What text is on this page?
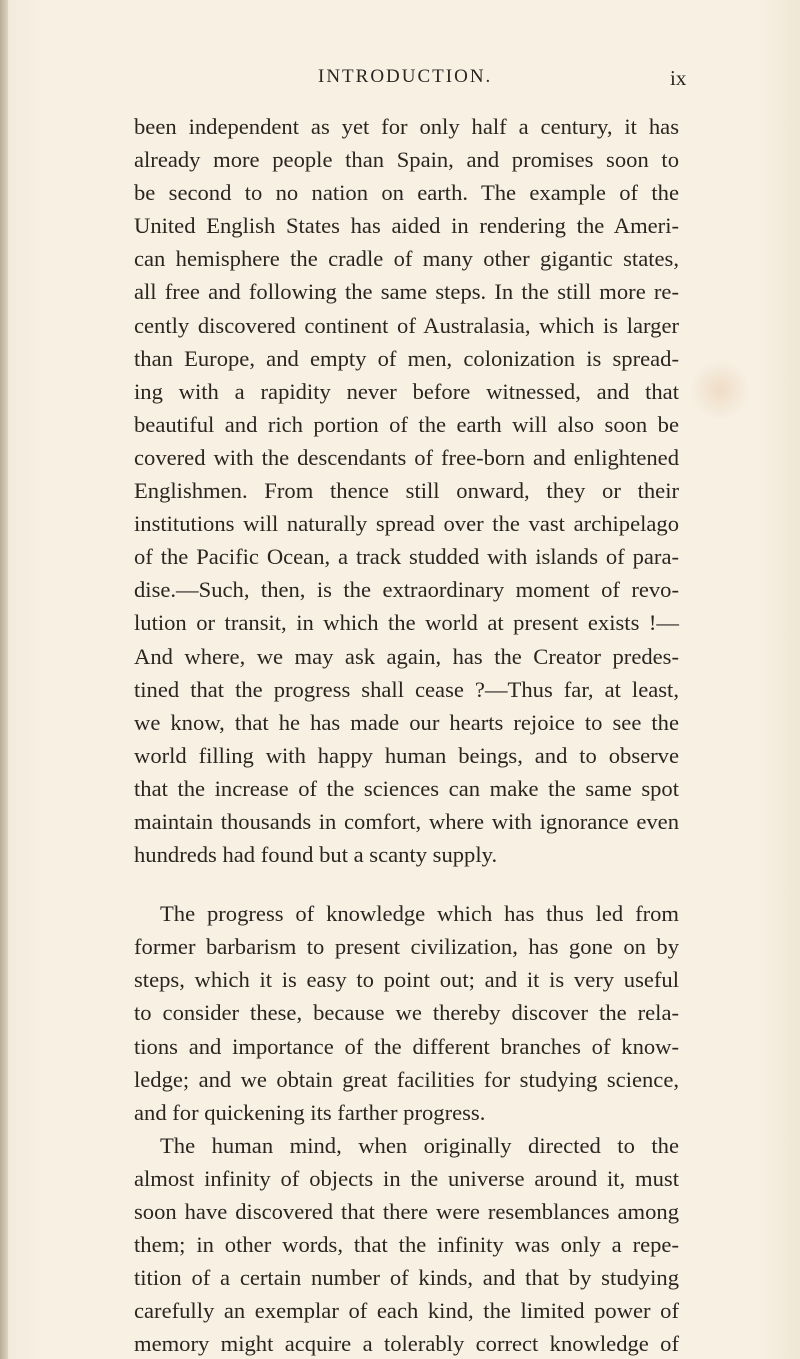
INTRODUCTION.	ix
been independent as yet for only half a century, it has
already more people than Spain, and promises soon to
be second to no nation on earth. The example of the
United English States has aided in rendering the Ameri-
can hemisphere the cradle of many other gigantic states,
all free and following the same steps. In the still more re-
cently discovered continent of Australasia, which is larger
than Europe, and empty of men, colonization is spread-
ing with a rapidity never before witnessed, and that
beautiful and rich portion of the earth will also soon be
covered with the descendants of free-born and enlightened
Englishmen. From thence still onward, they or their
institutions will naturally spread over the vast archipelago
of the Pacific Ocean, a track studded with islands of para-
dise.—Such, then, is the extraordinary moment of revo-
lution or transit, in which the world at present exists !—
And where, we may ask again, has the Creator predes-
tined that the progress shall cease ?—Thus far, at least,
we know, that he has made our hearts rejoice to see the
world filling with happy human beings, and to observe
that the increase of the sciences can make the same spot
maintain thousands in comfort, where with ignorance even
hundreds had found but a scanty supply.
The progress of knowledge which has thus led from
former barbarism to present civilization, has gone on by
steps, which it is easy to point out; and it is very useful
to consider these, because we thereby discover the rela-
tions and importance of the different branches of know-
ledge; and we obtain great facilities for studying science,
and for quickening its farther progress.
The human mind, when originally directed to the
almost infinity of objects in the universe around it, must
soon have discovered that there were resemblances among
them; in other words, that the infinity was only a repe-
tition of a certain number of kinds, and that by studying
carefully an exemplar of each kind, the limited power of
memory might acquire a tolerably correct knowledge of
